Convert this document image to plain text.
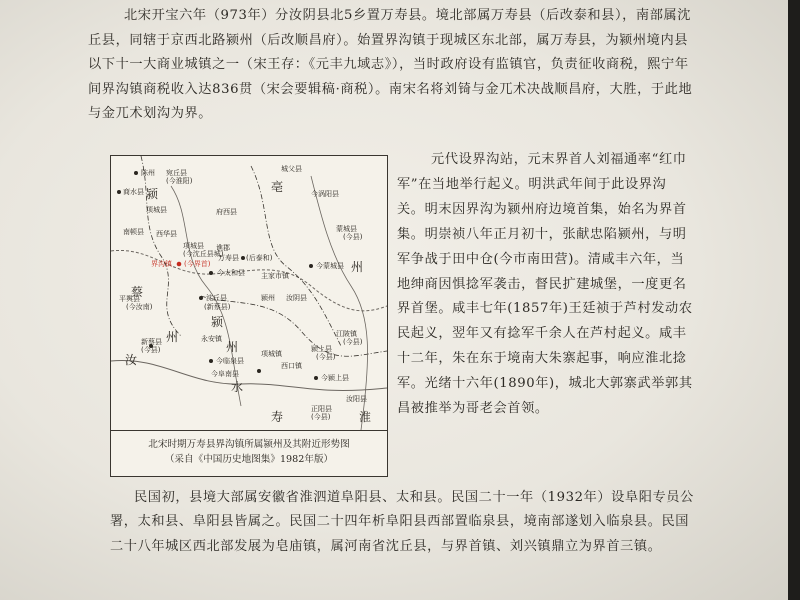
北宋开宝六年（973年）分汝阴县北5乡置万寿县。境北部属万寿县（后改泰和县），南部属沈丘县，同辖于京西北路颍州（后改顺昌府）。始置界沟镇于现城区东北部，属万寿县，为颍州境内县以下十一大商业城镇之一（宋王存：《元丰九域志》），当时政府设有监镇官，负责征收商税，熙宁年间界沟镇商税收入达836贯（宋会要辑稿·商税）。南宋名将刘锜与金兀术决战顺昌府，大胜，于此地与金兀术划沟为界。

亳
颍
州
蔡
州
颍
州
汝
水
寿	淮
陈州 宛丘县
(今淮阳)
城父县
商水县
项城县
南顿县 西华县
项城县
(今沈丘县城)
界沟镇 (今界首)
谯郡
府西县
万寿县 (后泰和)
今太和县 主家市镇
今涡阳县
蒙城县
(今县)
今蒙城县
平舆县
(今汝南)
沈丘县
(新蔡县)
颍州 汝阴县
新蔡县
(今县)
永安镇
今临泉县
项城镇
今阜南县
颍上县
(今县)
江陂镇
(今县)
今颍上县
正阳县
(今县)
西口镇
汝阳县
北宋时期万寿县界沟镇所属颍州及其附近形势图
（采自《中国历史地图集》1982年版）

元代设界沟站，元末界首人刘福通率“红巾军”在当地举行起义。明洪武年间于此设界沟关。明末因界沟为颍州府边境首集，始名为界首集。明崇祯八年正月初十，张献忠陷颍州，与明军争战于田中仓(今市南田营)。清咸丰六年，当地绅商因惧捻军袭击，督民扩建城堡，一度更名界首堡。咸丰七年(1857年)王廷祯于芦村发动农民起义，翌年又有捻军千余人在芦村起义。咸丰十二年，朱在东于境南大朱寨起事，响应淮北捻军。光绪十六年(1890年)，城北大郭寨武举郭其昌被推举为哥老会首领。

民国初，县境大部属安徽省淮泗道阜阳县、太和县。民国二十一年（1932年）设阜阳专员公署，太和县、阜阳县皆属之。民国二十四年析阜阳县西部置临泉县，境南部遂划入临泉县。民国二十八年城区西北部发展为皂庙镇，属河南省沈丘县，与界首镇、刘兴镇鼎立为界首三镇。
